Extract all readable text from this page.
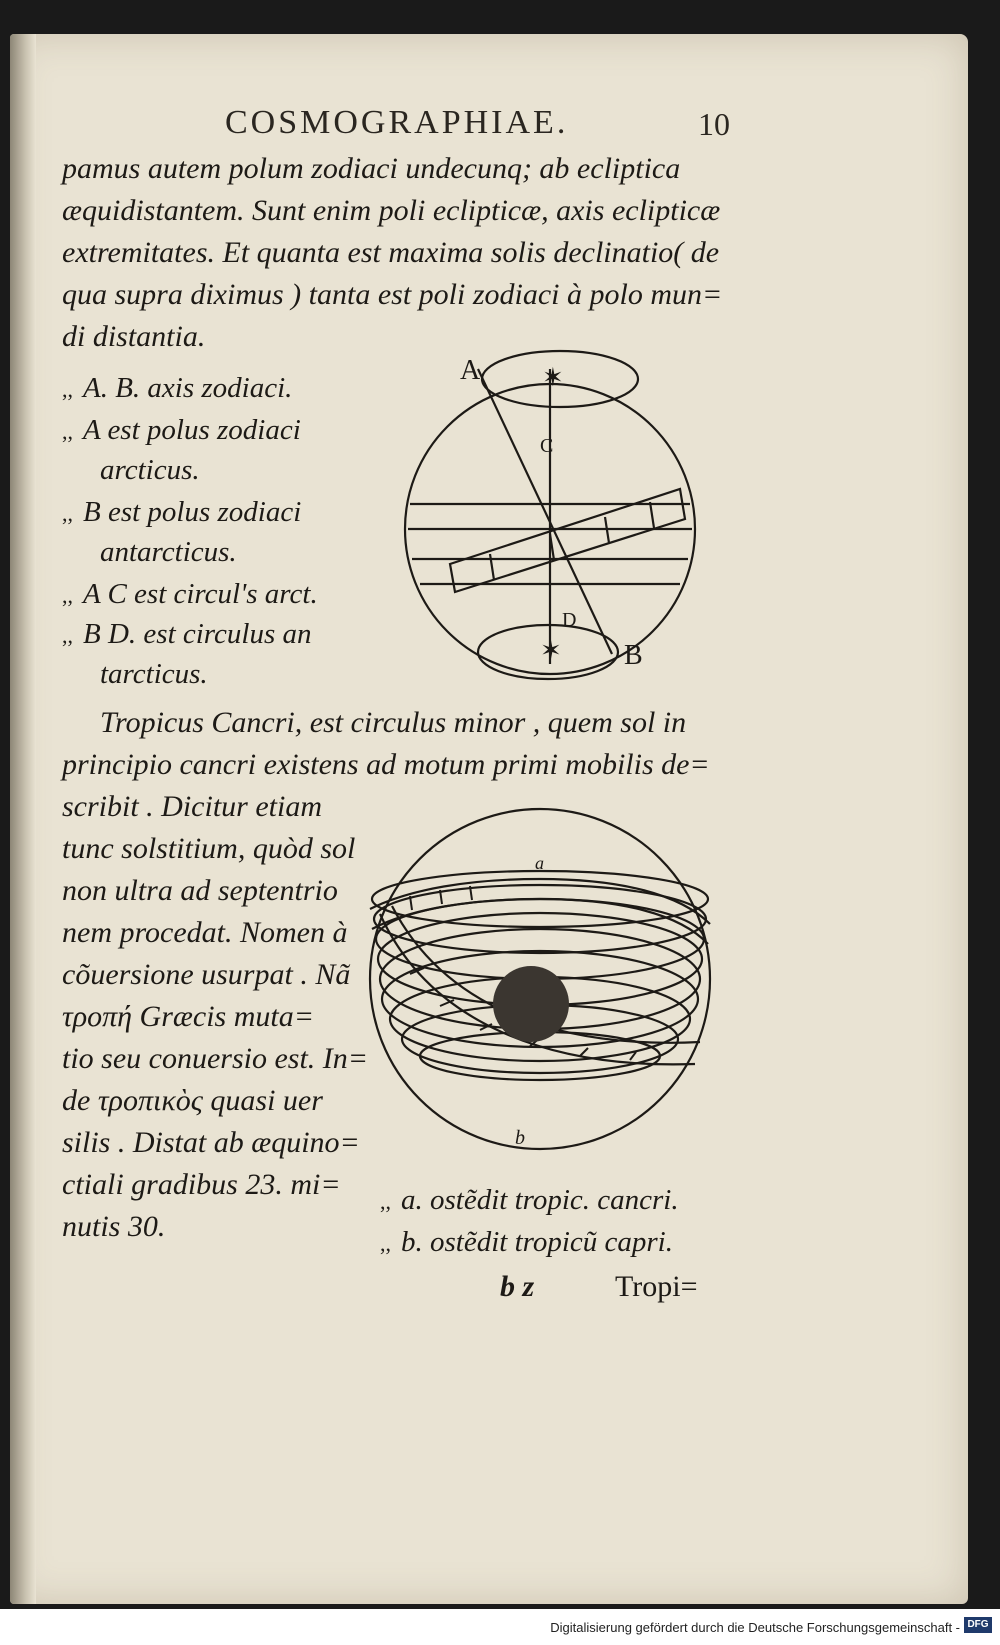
COSMOGRAPHIAE.	10
pamus autem polum zodiaci undecunq; ab ecliptica
æquidistantem. Sunt enim poli eclipticæ, axis eclipticæ
extremitates. Et quanta est maxima solis declinatio( de
qua supra diximus ) tanta est poli zodiaci à polo mun=
di distantia.
,, A. B. axis zodiaci.
,, A est polus zodiaci
arcticus.
,, B est polus zodiaci
antarcticus.
,, A C est circul's arct.
,, B D. est circulus an
tarcticus.
✶
✶
A
C
D
B
Tropicus Cancri, est circulus minor , quem sol in
principio cancri existens ad motum primi mobilis de=
scribit . Dicitur etiam
tunc solstitium, quòd sol
non ultra ad septentrio
nem procedat. Nomen à
cõuersione usurpat . Nã
τροπή Græcis muta=
tio seu conuersio est. In=
de τροπικὸς quasi uer
silis . Distat ab æquino=
ctiali gradibus 23. mi=
nutis 30.
a
b
,, a. ostẽdit tropic. cancri.
,, b. ostẽdit tropicũ capri.
b z	Tropi=
Digitalisierung gefördert durch die Deutsche Forschungsgemeinschaft - DFG
